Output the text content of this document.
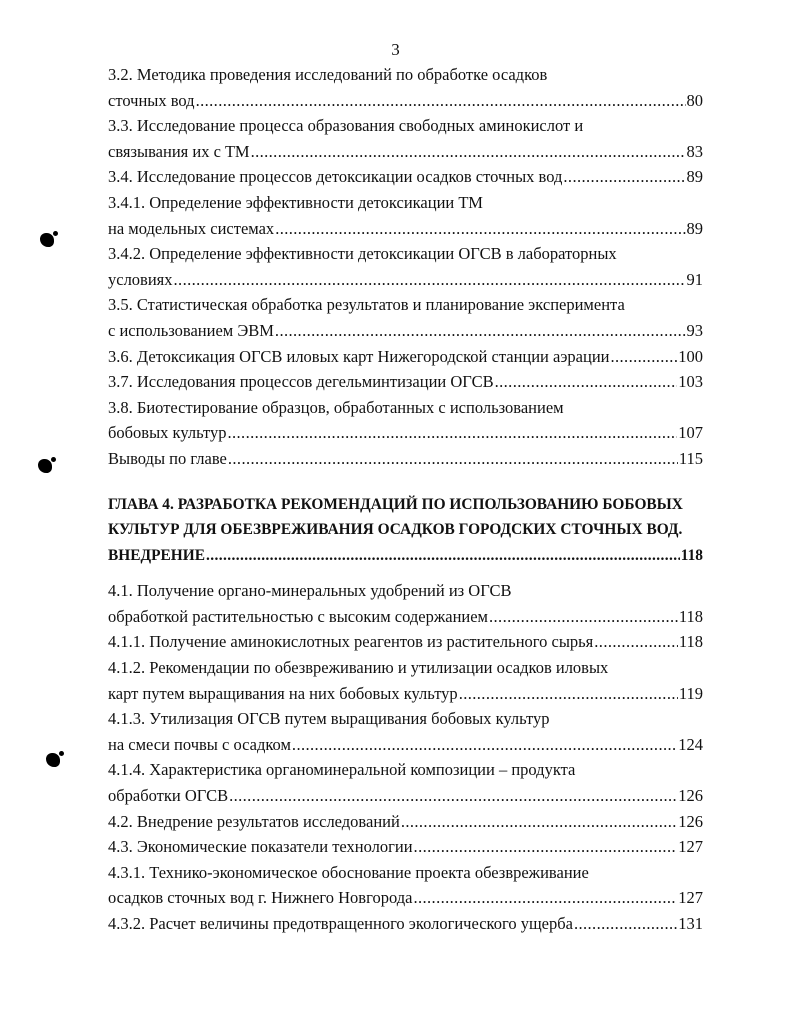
3
3.2. Методика проведения исследований по обработке осадков
сточных вод .....	80
3.3. Исследование процесса образования свободных аминокислот и
связывания их с ТМ .....	83
3.4. Исследование процессов детоксикации осадков сточных вод .....	89
3.4.1. Определение эффективности детоксикации ТМ
на модельных системах .....	89
3.4.2. Определение эффективности детоксикации ОГСВ в лабораторных
условиях .....	91
3.5. Статистическая обработка результатов и планирование эксперимента
с использованием ЭВМ .....	93
3.6. Детоксикация ОГСВ иловых карт Нижегородской станции аэрации .....	100
3.7. Исследования процессов дегельминтизации ОГСВ .....	103
3.8. Биотестирование образцов, обработанных с использованием
бобовых культур .....	107
Выводы по главе .....	115
ГЛАВА 4. РАЗРАБОТКА РЕКОМЕНДАЦИЙ ПО ИСПОЛЬЗОВАНИЮ БОБОВЫХ
КУЛЬТУР ДЛЯ ОБЕЗВРЕЖИВАНИЯ ОСАДКОВ ГОРОДСКИХ СТОЧНЫХ ВОД.
ВНЕДРЕНИЕ .....	118
4.1. Получение органо-минеральных удобрений из ОГСВ
обработкой растительностью с высоким содержанием .....	118
4.1.1. Получение аминокислотных реагентов из растительного сырья .....	118
4.1.2. Рекомендации по обезвреживанию и утилизации осадков иловых
карт путем выращивания на них бобовых культур .....	119
4.1.3. Утилизация ОГСВ путем выращивания бобовых культур
на смеси почвы с осадком .....	124
4.1.4. Характеристика органоминеральной композиции – продукта
обработки ОГСВ .....	126
4.2. Внедрение результатов исследований .....	126
4.3. Экономические показатели технологии .....	127
4.3.1. Технико-экономическое обоснование проекта обезвреживание
осадков сточных вод г. Нижнего Новгорода .....	127
4.3.2. Расчет величины предотвращенного экологического ущерба .....	131
